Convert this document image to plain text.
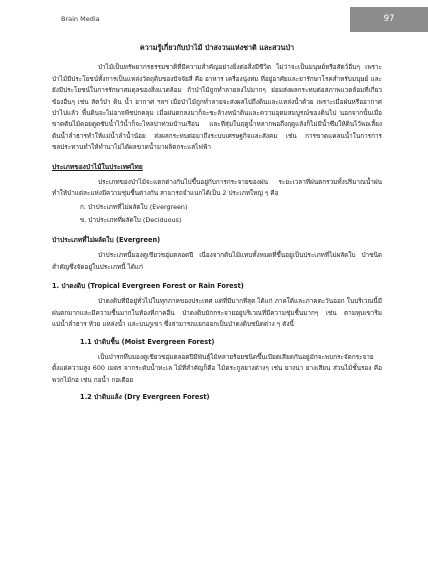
Brain Media	97

ความรู้เกี่ยวกับป่าไม้ ป่าสงวนแห่งชาติ และสวนป่า

ป่าไม้เป็นทรัพยากรธรรมชาติที่มีความสำคัญอย่างยิ่งต่อสิ่งมีชีวิต ไม่ว่าจะเป็นมนุษย์หรือสัตว์อื่นๆ เพราะป่าไม้มีประโยชน์ทั้งการเป็นแหล่งวัตถุดิบของปัจจัยสี่ คือ อาหาร เครื่องนุ่งห่ม ที่อยู่อาศัยและยารักษาโรคสำหรับมนุษย์ และยังมีประโยชน์ในการรักษาสมดุลของสิ่งแวดล้อม ถ้าป่าไม้ถูกทำลายลงไปมากๆ ย่อมส่งผลกระทบต่อสภาพแวดล้อมที่เกี่ยวข้องอื่นๆ เช่น สัตว์ป่า ดิน น้ำ อากาศ ฯลฯ เมื่อป่าไม้ถูกทำลายจะส่งผลไปถึงดินและแหล่งน้ำด้วย เพราะเมื่อฝนหรืออากาศป่าไปแล้ว พื้นดินจะไม่อาจพืชปกคลุม เมื่อฝนตกลงมาก็จะชะล้างหน้าดินและความอุดมสมบูรณ์ของดินไป นอกจากนั้นเมื่อขาดต้นไม้คอยดูดซับน้ำไว้น้ำก็จะไหลบ่าท่วมบ้านเรือน และที่สุ่มในฤดูน้ำหลากพอถึงฤดูแล้งก็ไม่มีน้ำซึมให้ดินไว้พอเลี้ยงต้นน้ำลำธารทำให้แม่น้ำลำน้ำน้อย ส่งผลกระทบต่อมาถึงระบบเศรษฐกิจและสังคม เช่น การขาดแคลนน้ำในการการชลประทานทำให้ทำนาไม่ได้ผลขาดน้ำมาผลิตกระแสไฟฟ้า

ประเภทของป่าไม้ในประเทศไทย

ประเภทของป่าไม้จะแตกต่างกันไปขึ้นอยู่กับการกระจายของฝน ระยะเวลาที่ฝนตกรวมทั้งปริมาณน้ำฝนทำให้ป่าแต่ละแห่งมีความชุ่มชื้นต่างกัน สามารถจำแนกได้เป็น 2 ประเภทใหญ่ ๆ คือ

ก. ป่าประเภทที่ไม่ผลัดใบ (Evergreen)

ข. ป่าประเภทที่ผลัดใบ (Deciduous)

ป่าประเภทที่ไม่ผลัดใบ (Evergreen)

ป่าประเภทนี้มองดูเขียวชอุ่มตลอดปี เนื่องจากต้นไม้แทบทั้งหมดที่ขึ้นอยู่เป็นประเภทที่ไม่ผลัดใบ ป่าชนิดสำคัญซึ่งจัดอยู่ในประเภทนี้ ได้แก่

1. ป่าดงดิบ (Tropical Evergreen Forest or Rain Forest)

ป่าดงดิบที่มีอยู่ทั่วไปในทุกภาคของประเทศ แต่ที่มีมากที่สุด ได้แก่ ภาคใต้และภาคตะวันออก ในบริเวณนี้มีฝนตกมากและมีความชื้นมากในท้องที่ภาคอื่น ป่าดงดิบมักกระจายอยู่บริเวณที่มีความชุ่มชื้นมากๆ เช่น ตามหุบเขาริมแม่น้ำลำธาร ห้วย แหล่งน้ำ และบนภูเขา ซึ่งสามารถแยกออกเป็นป่าดงดิบชนิดต่าง ๆ ดังนี้

1.1 ป่าดิบชื้น (Moist Evergreen Forest)

เป็นป่ารกทึบมองดูเขียวชอุ่มตลอดปีมีพันธุ์ไม้หลายร้อยชนิดขึ้นเบียดเสียดกันอยู่มักจะพบกระจัดกระจายตั้งแต่ความสูง 600 เมตร จากระดับน้ำทะเล ไม้ที่สำคัญก็คือ ไม้ตระกูลยางต่างๆ เช่น ยางนา ยางเสียน ส่วนไม้ชั้นรอง คือ พวกไม้กอ เช่น กอน้ำ กอเตือย

1.2 ป่าดิบแล้ง (Dry Evergreen Forest)
